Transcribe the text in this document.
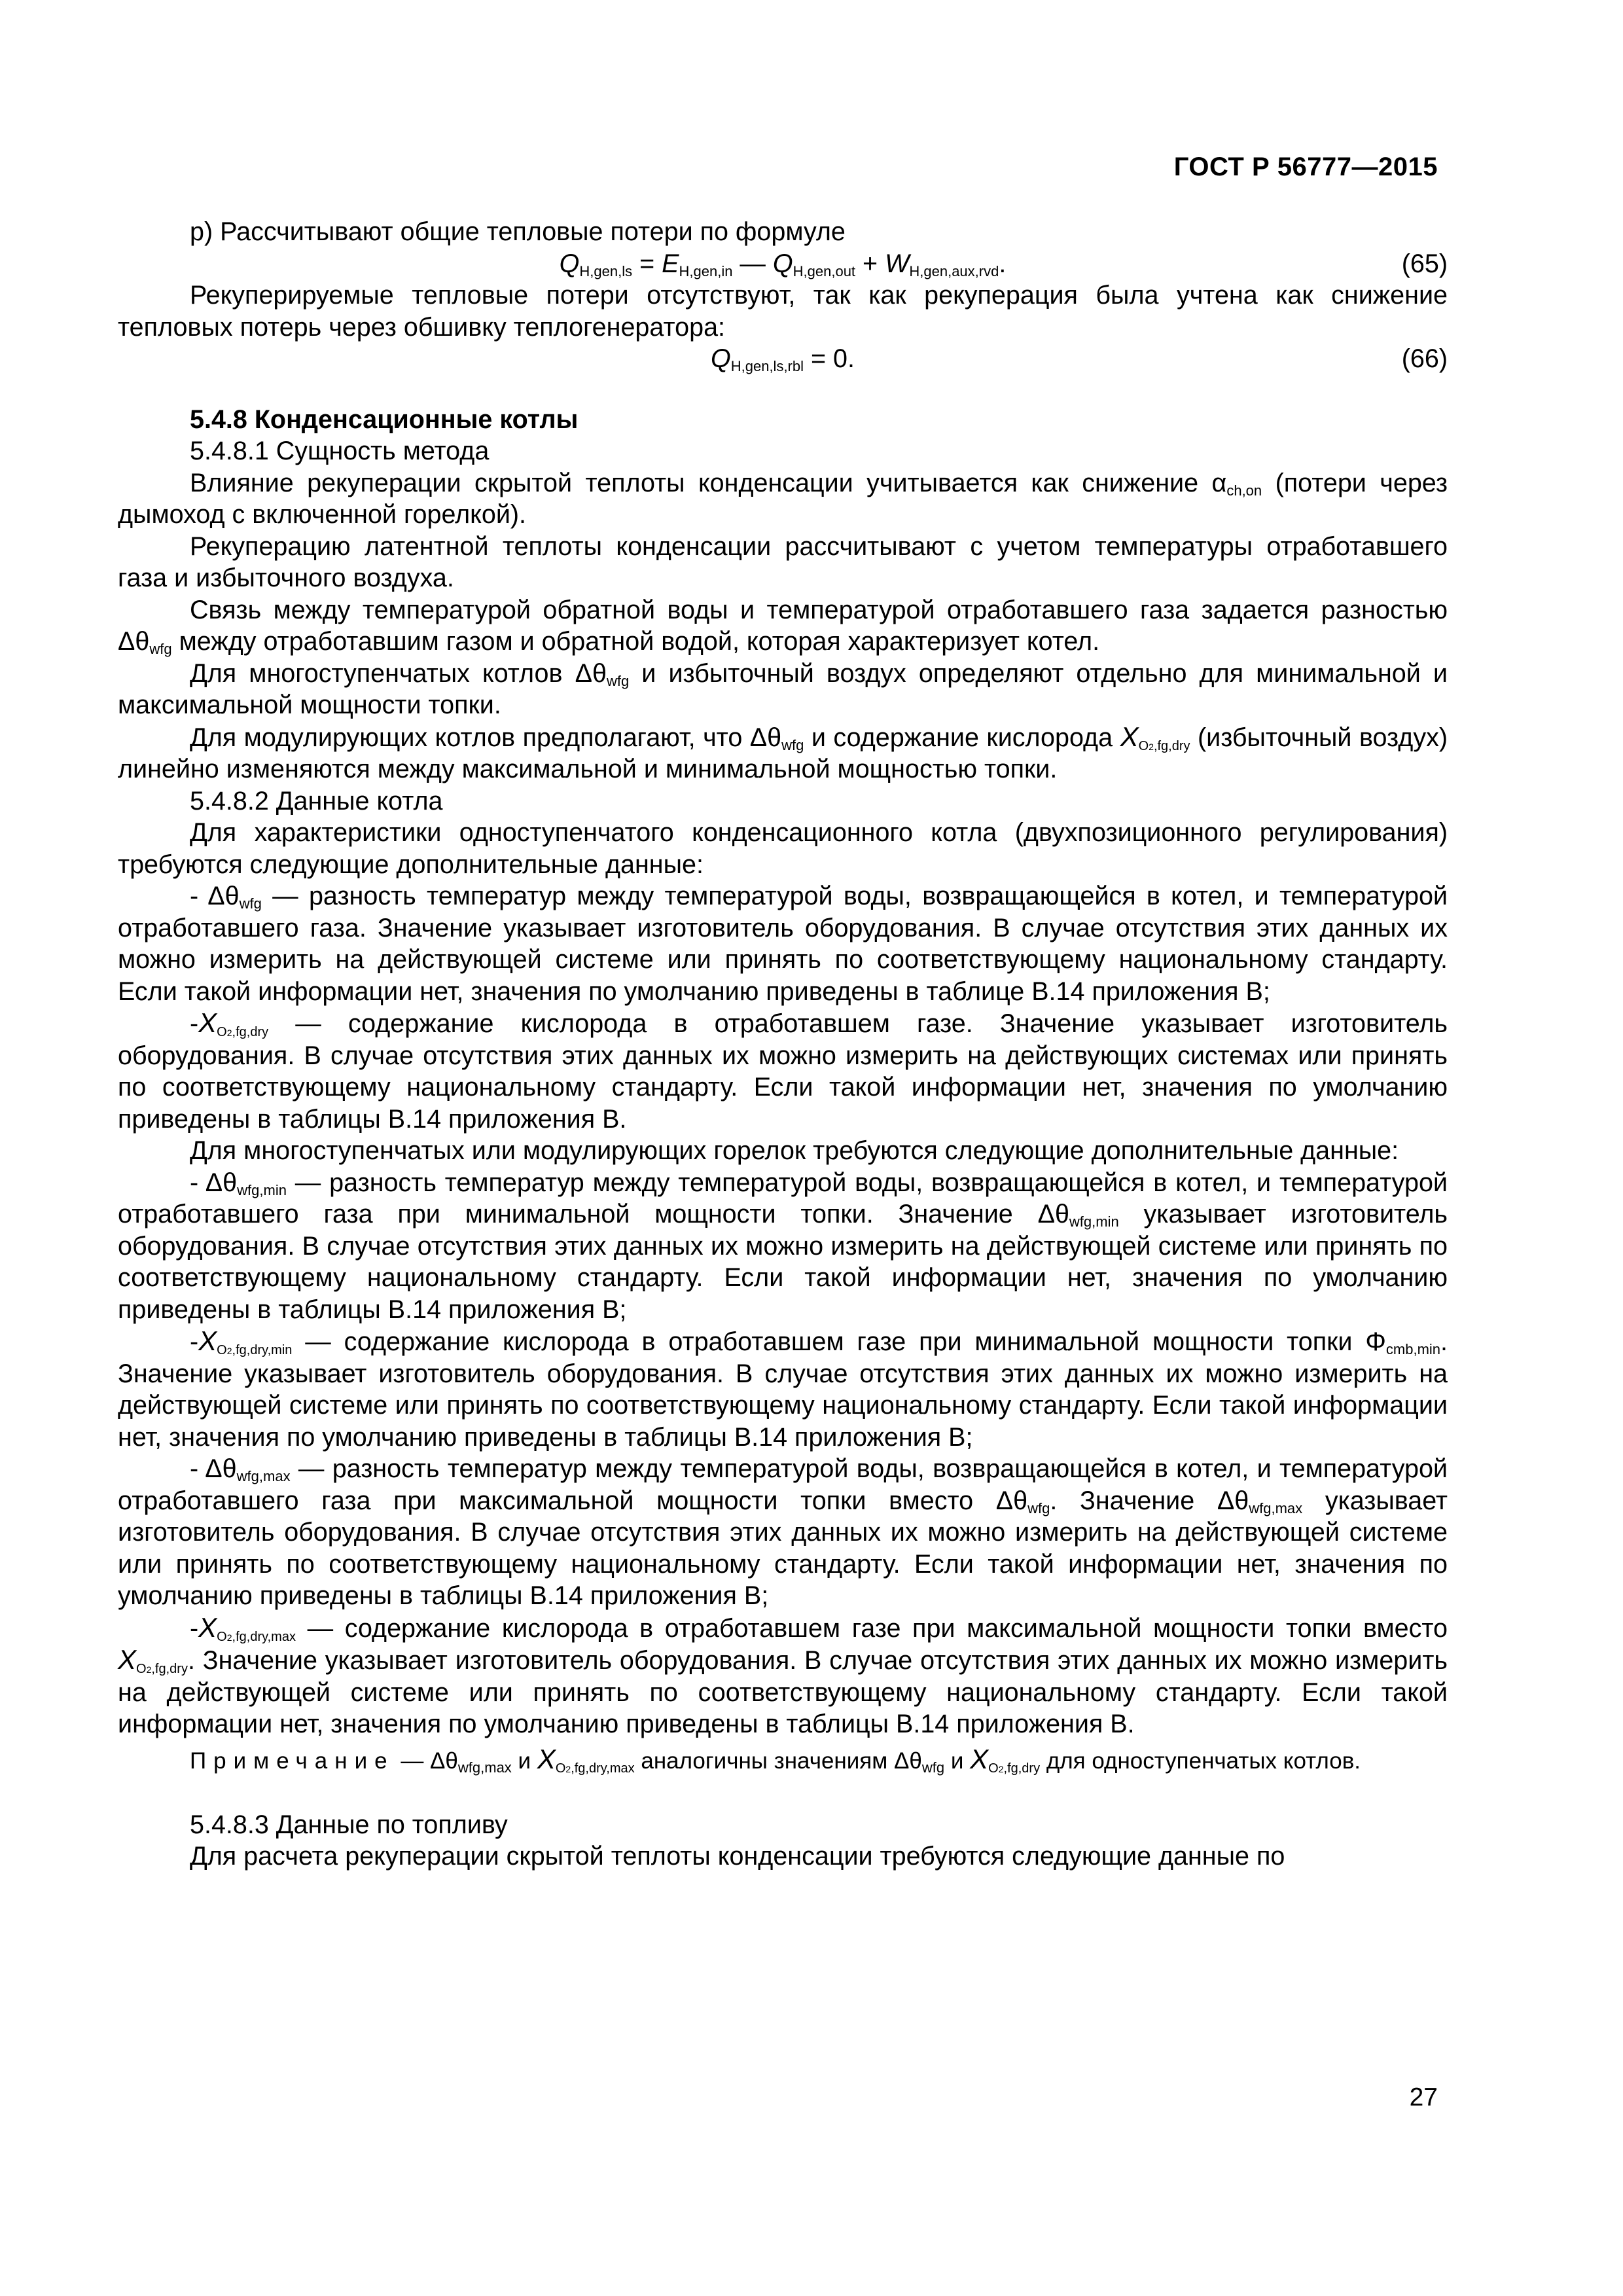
ГОСТ Р 56777—2015

р) Рассчитывают общие тепловые потери по формуле

$Q_{H,gen,ls} = E_{H,gen,in}$ — $Q_{H,gen,out} + W_{H,gen,aux,rvd}$.	(65)

Рекуперируемые тепловые потери отсутствуют, так как рекуперация была учтена как снижение тепловых потерь через обшивку теплогенератора:

$Q_{H,gen,ls,rbl} = 0$.	(66)

5.4.8 Конденсационные котлы

5.4.8.1 Сущность метода

Влияние рекуперации скрытой теплоты конденсации учитывается как снижение $\alpha_{ch,on}$ (потери через дымоход с включенной горелкой).

Рекуперацию латентной теплоты конденсации рассчитывают с учетом температуры отработавшего газа и избыточного воздуха.

Связь между температурой обратной воды и температурой отработавшего газа задается разностью $\Delta\theta_{wfg}$ между отработавшим газом и обратной водой, которая характеризует котел.

Для многоступенчатых котлов $\Delta\theta_{wfg}$ и избыточный воздух определяют отдельно для минимальной и максимальной мощности топки.

Для модулирующих котлов предполагают, что $\Delta\theta_{wfg}$ и содержание кислорода $X_{O2,fg,dry}$ (избыточный воздух) линейно изменяются между максимальной и минимальной мощностью топки.

5.4.8.2 Данные котла

Для характеристики одноступенчатого конденсационного котла (двухпозиционного регулирования) требуются следующие дополнительные данные:

- $\Delta\theta_{wfg}$ — разность температур между температурой воды, возвращающейся в котел, и температурой отработавшего газа. Значение указывает изготовитель оборудования. В случае отсутствия этих данных их можно измерить на действующей системе или принять по соответствующему национальному стандарту. Если такой информации нет, значения по умолчанию приведены в таблице В.14 приложения В;

$-X_{O2,fg,dry}$ — содержание кислорода в отработавшем газе. Значение указывает изготовитель оборудования. В случае отсутствия этих данных их можно измерить на действующих системах или принять по соответствующему национальному стандарту. Если такой информации нет, значения по умолчанию приведены в таблицы В.14 приложения В.

Для многоступенчатых или модулирующих горелок требуются следующие дополнительные данные:

- $\Delta\theta_{wfg,min}$ — разность температур между температурой воды, возвращающейся в котел, и температурой отработавшего газа при минимальной мощности топки. Значение $\Delta\theta_{wfg,min}$ указывает изготовитель оборудования. В случае отсутствия этих данных их можно измерить на действующей системе или принять по соответствующему национальному стандарту. Если такой информации нет, значения по умолчанию приведены в таблицы В.14 приложения В;

$-X_{O2,fg,dry,min}$ — содержание кислорода в отработавшем газе при минимальной мощности топки $\Phi_{cmb,min}$. Значение указывает изготовитель оборудования. В случае отсутствия этих данных их можно измерить на действующей системе или принять по соответствующему национальному стандарту. Если такой информации нет, значения по умолчанию приведены в таблицы В.14 приложения В;

- $\Delta\theta_{wfg,max}$ — разность температур между температурой воды, возвращающейся в котел, и температурой отработавшего газа при максимальной мощности топки вместо $\Delta\theta_{wfg}$. Значение $\Delta\theta_{wfg,max}$ указывает изготовитель оборудования. В случае отсутствия этих данных их можно измерить на действующей системе или принять по соответствующему национальному стандарту. Если такой информации нет, значения по умолчанию приведены в таблицы В.14 приложения В;

$-X_{O2,fg,dry,max}$ — содержание кислорода в отработавшем газе при максимальной мощности топки вместо $X_{O2,fg,dry}$. Значение указывает изготовитель оборудования. В случае отсутствия этих данных их можно измерить на действующей системе или принять по соответствующему национальному стандарту. Если такой информации нет, значения по умолчанию приведены в таблицы В.14 приложения В.

Примечание — $\Delta\theta_{wfg,max}$ и $X_{O2,fg,dry,max}$ аналогичны значениям $\Delta\theta_{wfg}$ и $X_{O2,fg,dry}$ для одноступенчатых котлов.

5.4.8.3 Данные по топливу

Для расчета рекуперации скрытой теплоты конденсации требуются следующие данные по

27
